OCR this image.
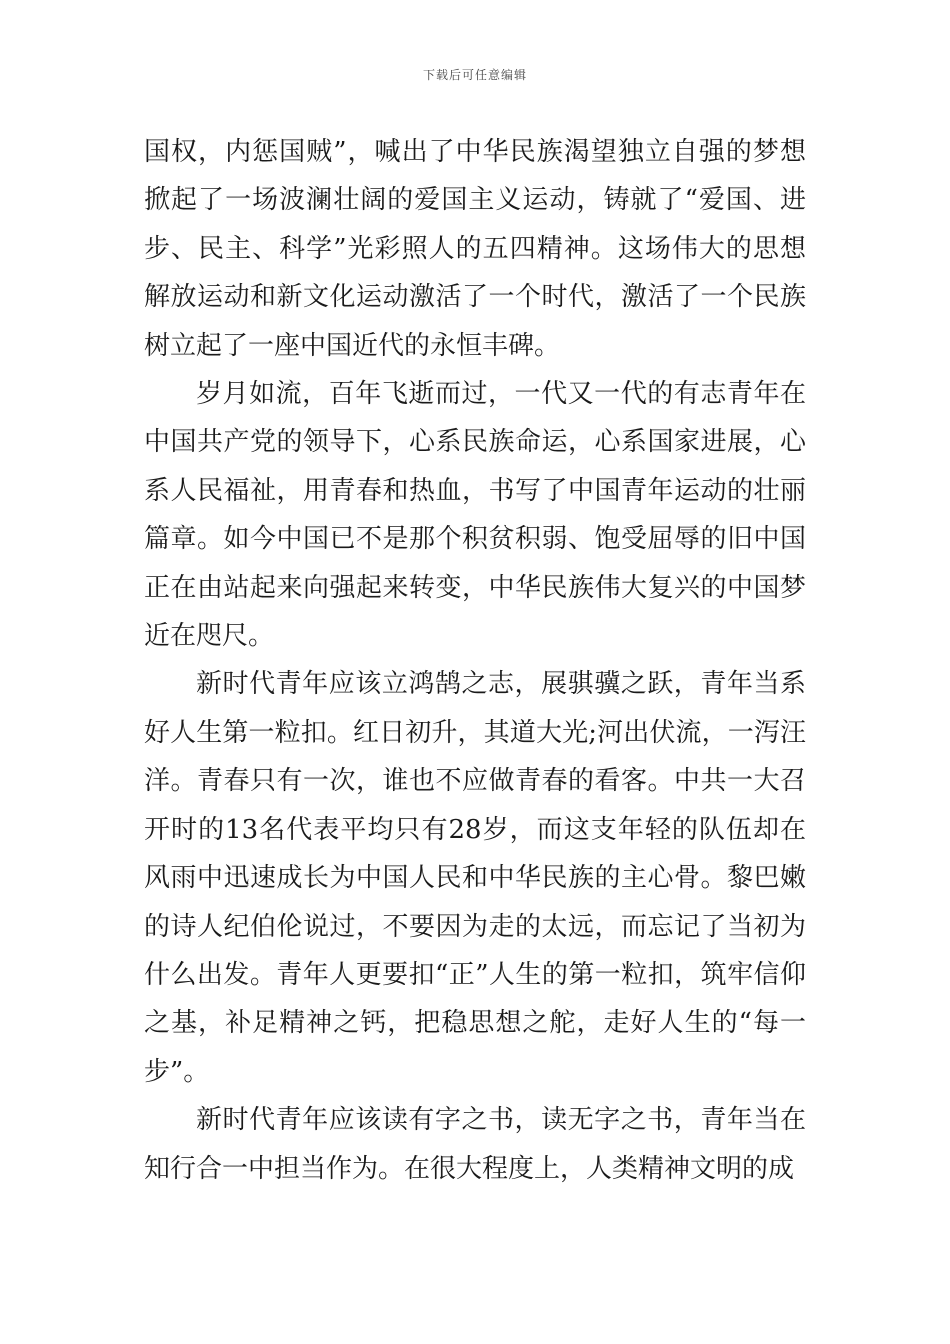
下载后可任意编辑

国权，内惩国贼”，喊出了中华民族渴望独立自强的梦想掀起了一场波澜壮阔的爱国主义运动，铸就了“爱国、进步、民主、科学”光彩照人的五四精神。这场伟大的思想解放运动和新文化运动激活了一个时代，激活了一个民族树立起了一座中国近代的永恒丰碑。

岁月如流，百年飞逝而过，一代又一代的有志青年在中国共产党的领导下，心系民族命运，心系国家进展，心系人民福祉，用青春和热血，书写了中国青年运动的壮丽篇章。如今中国已不是那个积贫积弱、饱受屈辱的旧中国正在由站起来向强起来转变，中华民族伟大复兴的中国梦近在咫尺。

新时代青年应该立鸿鹄之志，展骐骥之跃，青年当系好人生第一粒扣。红日初升，其道大光;河出伏流，一泻汪洋。青春只有一次，谁也不应做青春的看客。中共一大召开时的13名代表平均只有28岁，而这支年轻的队伍却在风雨中迅速成长为中国人民和中华民族的主心骨。黎巴嫩的诗人纪伯伦说过，不要因为走的太远，而忘记了当初为什么出发。青年人更要扣“正”人生的第一粒扣，筑牢信仰之基，补足精神之钙，把稳思想之舵，走好人生的“每一步”。

新时代青年应该读有字之书，读无字之书，青年当在知行合一中担当作为。在很大程度上，人类精神文明的成
